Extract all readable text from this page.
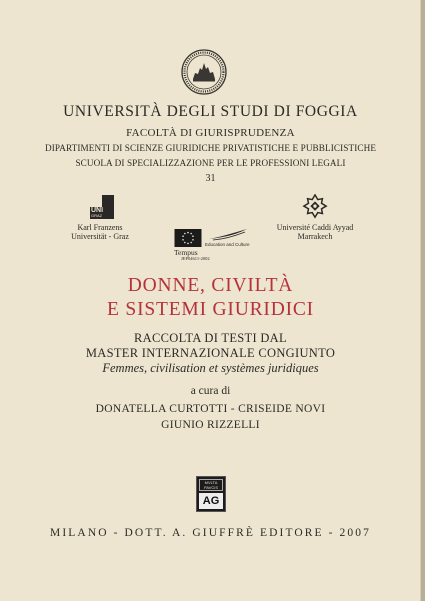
UNIVERSITÀ DEGLI STUDI DI FOGGIA
FACOLTÀ DI GIURISPRUDENZA
DIPARTIMENTI DI SCIENZE GIURIDICHE PRIVATISTICHE E PUBBLICISTICHE
SCUOLA DI SPECIALIZZAZIONE PER LE PROFESSIONI LEGALI
31
UNI
GRAZ
Karl Franzens
Universität - Graz
Education and Culture
Tempus
JEP04611-2002
Université Caddi Ayyad
Marrakech
DONNE, CIVILTÀ
E SISTEMI GIURIDICI
RACCOLTA DI TESTI DAL
MASTER INTERNAZIONALE CONGIUNTO
Femmes, civilisation et systèmes juridiques
a cura di
DONATELLA CURTOTTI - CRISEIDE NOVI
GIUNIO RIZZELLI
MVLTA PAVCIS
AG
MILANO - DOTT. A. GIUFFRÈ EDITORE - 2007
